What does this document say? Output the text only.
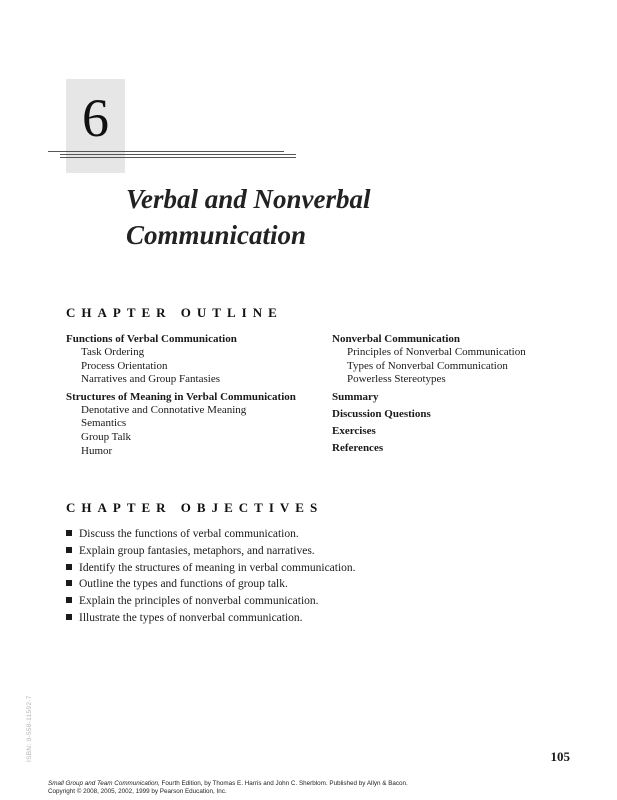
6
Verbal and Nonverbal
Communication
CHAPTER OUTLINE
Functions of Verbal Communication
Task Ordering
Process Orientation
Narratives and Group Fantasies
Structures of Meaning in Verbal Communication
Denotative and Connotative Meaning
Semantics
Group Talk
Humor
Nonverbal Communication
Principles of Nonverbal Communication
Types of Nonverbal Communication
Powerless Stereotypes
Summary
Discussion Questions
Exercises
References
CHAPTER OBJECTIVES
Discuss the functions of verbal communication.
Explain group fantasies, metaphors, and narratives.
Identify the structures of meaning in verbal communication.
Outline the types and functions of group talk.
Explain the principles of nonverbal communication.
Illustrate the types of nonverbal communication.
105
Small Group and Team Communication, Fourth Edition, by Thomas E. Harris and John C. Sherblom. Published by Allyn & Bacon.
Copyright © 2008, 2005, 2002, 1999 by Pearson Education, Inc.
ISBN: 0-558-11592-7
